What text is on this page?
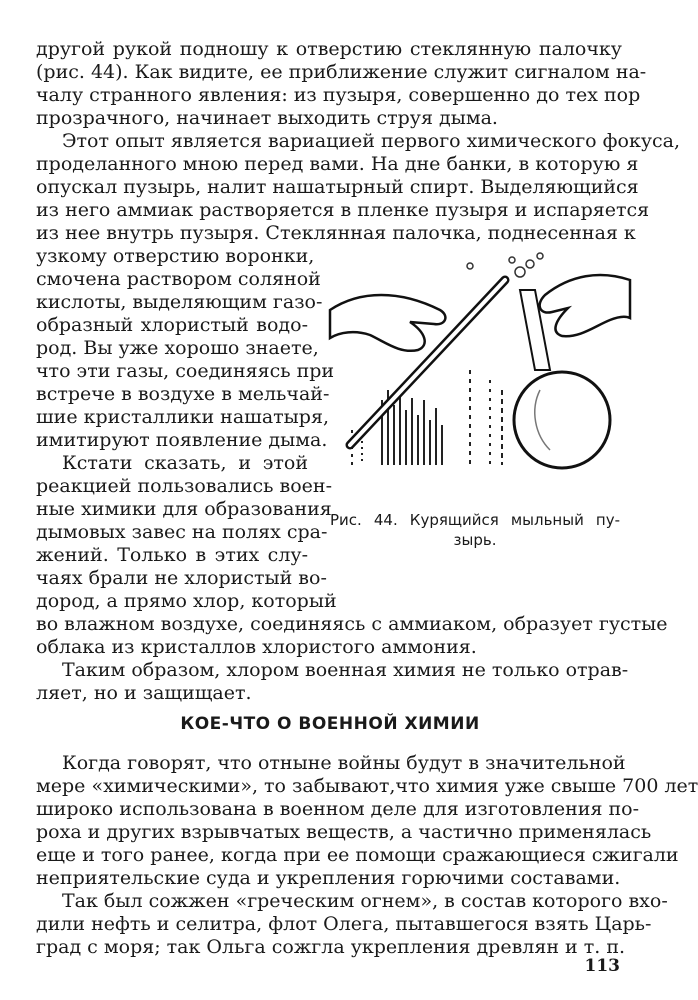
другой рукой подношу к отверстию стеклянную палочку
(рис. 44). Как видите, ее приближение служит сигналом на-
чалу странного явления: из пузыря, совершенно до тех пор
прозрачного, начинает выходить струя дыма.
Этот опыт является вариацией первого химического фокуса,
проделанного мною перед вами. На дне банки, в которую я
опускал пузырь, налит нашатырный спирт. Выделяющийся
из него аммиак растворяется в пленке пузыря и испаряется
из нее внутрь пузыря. Стеклянная палочка, поднесенная к
узкому отверстию воронки,
смочена раствором соляной
кислоты, выделяющим газо-
образный хлористый водо-
род. Вы уже хорошо знаете,
что эти газы, соединяясь при
встрече в воздухе в мельчай-
шие кристаллики нашатыря,
имитируют появление дыма.
Кстати сказать, и этой
реакцией пользовались воен-
ные химики для образования
дымовых завес на полях сра-
жений. Только в этих слу-
чаях брали не хлористый во-
дород, а прямо хлор, который
во влажном воздухе, соединяясь с аммиаком, образует густые
облака из кристаллов хлористого аммония.
Таким образом, хлором военная химия не только отрав-
ляет, но и защищает.
КОЕ-ЧТО О ВОЕННОЙ ХИМИИ
Когда говорят, что отныне войны будут в значительной
мере «химическими», то забывают,что химия уже свыше 700 лет
широко использована в военном деле для изготовления по-
роха и других взрывчатых веществ, а частично применялась
еще и того ранее, когда при ее помощи сражающиеся сжигали
неприятельские суда и укрепления горючими составами.
Так был сожжен «греческим огнем», в состав которого вхо-
дили нефть и селитра, флот Олега, пытавшегося взять Царь-
град с моря; так Ольга сожгла укрепления древлян и т. п.
Рис. 44. Курящийся мыльный пу-
зырь.
113
